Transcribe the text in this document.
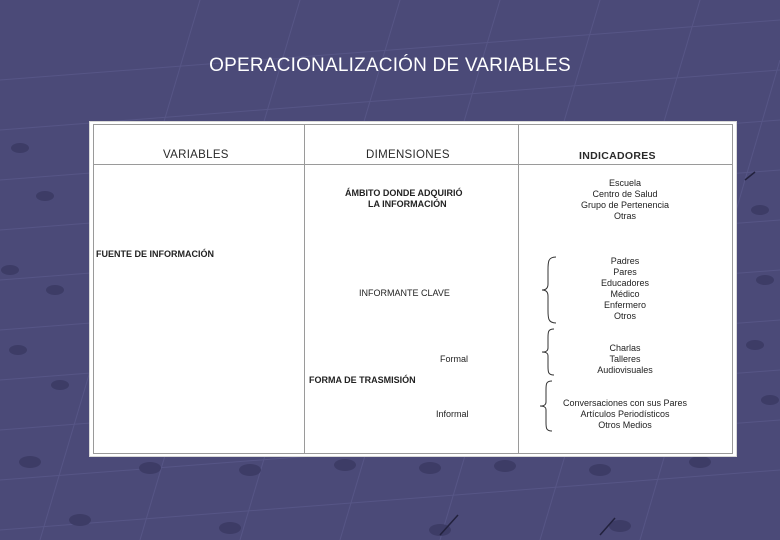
OPERACIONALIZACIÓN DE VARIABLES
VARIABLES	DIMENSIONES	INDICADORES
FUENTE DE INFORMACIÓN
ÁMBITO DONDE ADQUIRIÓ
LA INFORMACIÓN
INFORMANTE CLAVE
Formal
FORMA DE TRASMISIÓN
Informal
Escuela
Centro de Salud
Grupo de Pertenencia
Otras
Padres
Pares
Educadores
Médico
Enfermero
Otros
Charlas
Talleres
Audiovisuales
Conversaciones con sus Pares
Artículos Periodísticos
Otros Medios
